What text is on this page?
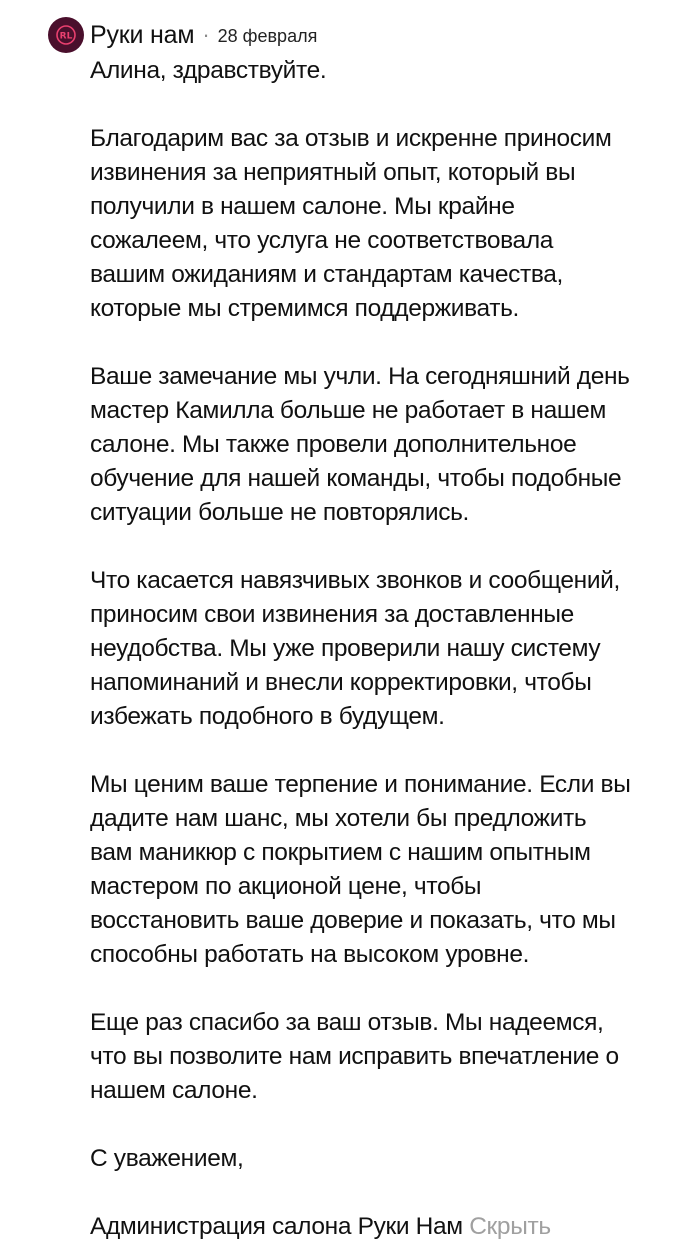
RL Руки нам · 28 февраля

Алина, здравствуйте.

Благодарим вас за отзыв и искренне приносим
извинения за неприятный опыт, который вы
получили в нашем салоне. Мы крайне
сожалеем, что услуга не соответствовала
вашим ожиданиям и стандартам качества,
которые мы стремимся поддерживать.

Ваше замечание мы учли. На сегодняшний день
мастер Камилла больше не работает в нашем
салоне. Мы также провели дополнительное
обучение для нашей команды, чтобы подобные
ситуации больше не повторялись.

Что касается навязчивых звонков и сообщений,
приносим свои извинения за доставленные
неудобства. Мы уже проверили нашу систему
напоминаний и внесли корректировки, чтобы
избежать подобного в будущем.

Мы ценим ваше терпение и понимание. Если вы
дадите нам шанс, мы хотели бы предложить
вам маникюр с покрытием с нашим опытным
мастером по акционой цене, чтобы
восстановить ваше доверие и показать, что мы
способны работать на высоком уровне.

Еще раз спасибо за ваш отзыв. Мы надеемся,
что вы позволите нам исправить впечатление о
нашем салоне.

С уважением,

Администрация салона Руки Нам Скрыть
